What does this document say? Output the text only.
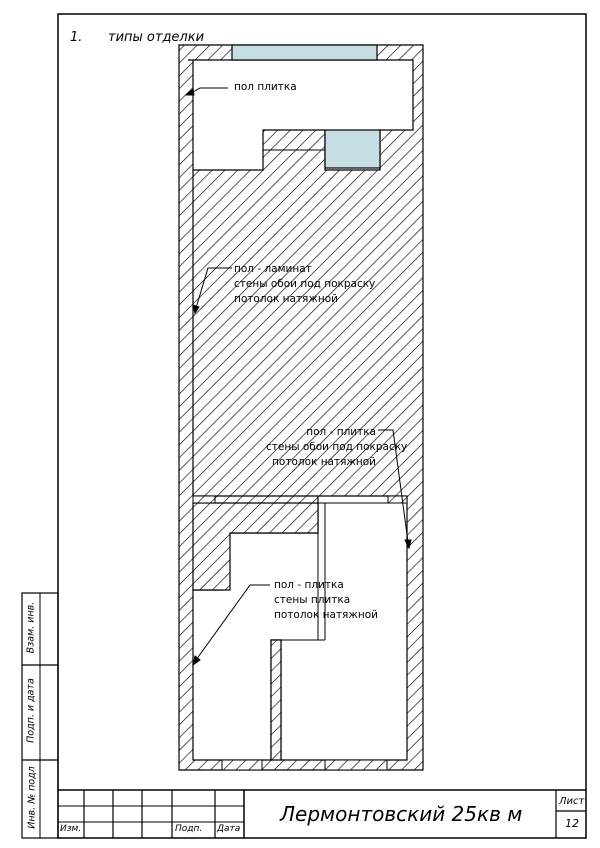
1. типы отделки
пол плитка
пол - ламинат
стены обои под покраску
потолок натяжной
пол - плитка
стены обои под покраску
потолок натяжной
пол - плитка
стены плитка
потолок натяжной
Взам. инв.
Подп. и дата
Инв. № подл
Изм.	Подп. Дата
Лермонтовский 25кв м
Лист
12
